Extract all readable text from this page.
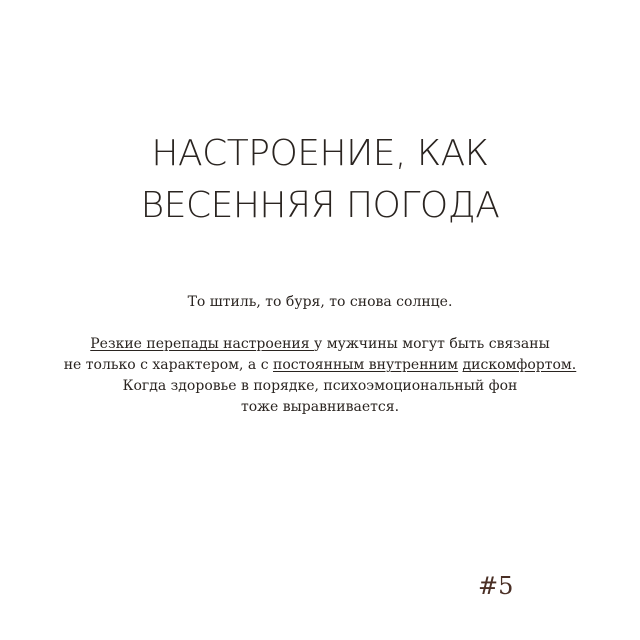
НАСТРОЕНИЕ, КАК
ВЕСЕННЯЯ ПОГОДА

То штиль, то буря, то снова солнце.

Резкие перепады настроения у мужчины могут быть связаны

не только с характером, а с постоянным внутренним дискомфортом.

Когда здоровье в порядке, психоэмоциональный фон

тоже выравнивается.

#5
